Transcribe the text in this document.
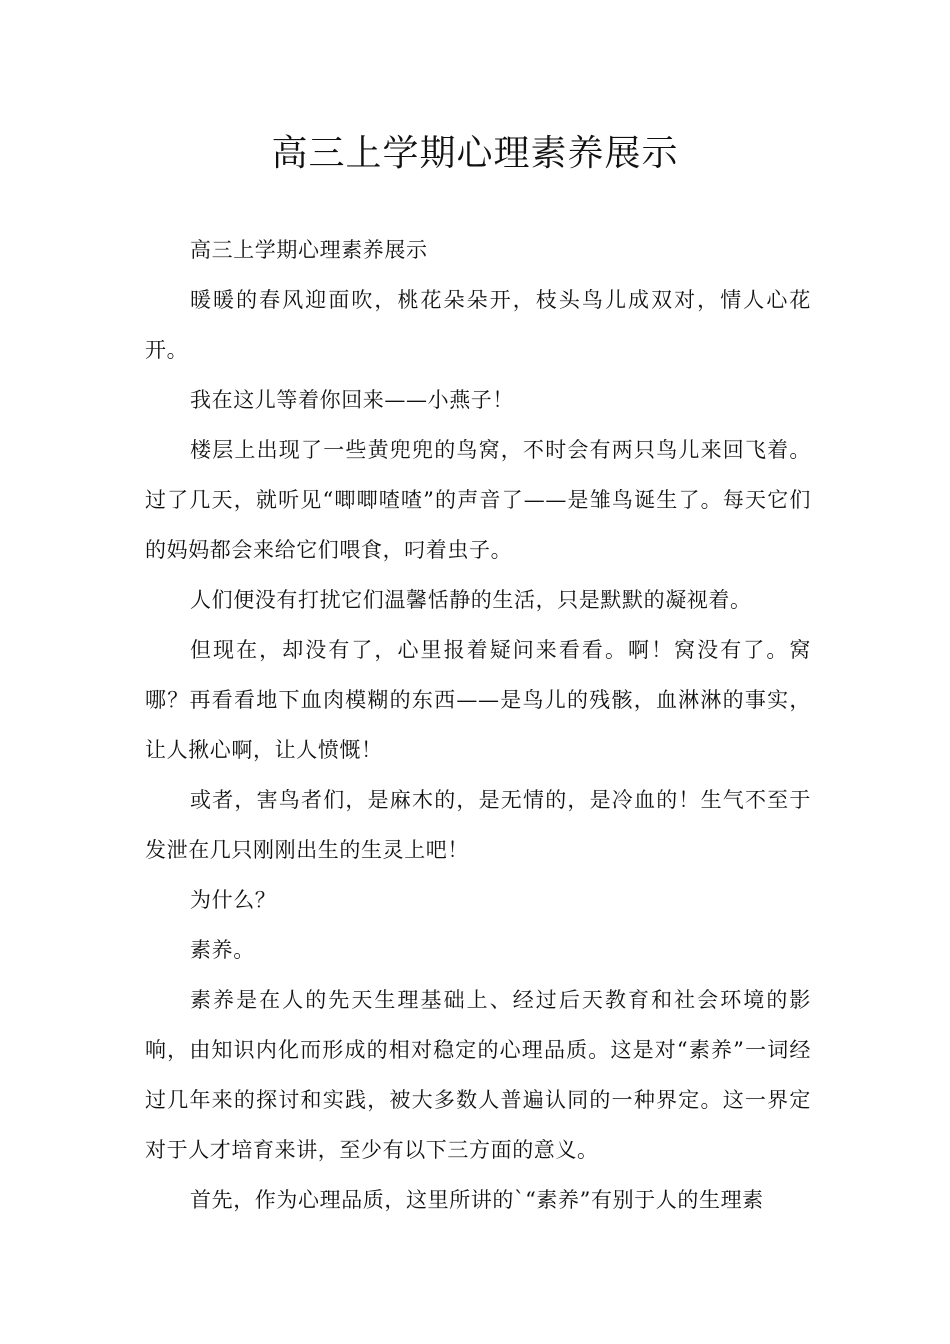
高三上学期心理素养展示

高三上学期心理素养展示

暖暖的春风迎面吹，桃花朵朵开，枝头鸟儿成双对，情人心花开。

我在这儿等着你回来——小燕子！

楼层上出现了一些黄兜兜的鸟窝，不时会有两只鸟儿来回飞着。过了几天，就听见“唧唧喳喳”的声音了——是雏鸟诞生了。每天它们的妈妈都会来给它们喂食，叼着虫子。

人们便没有打扰它们温馨恬静的生活，只是默默的凝视着。

但现在，却没有了，心里报着疑问来看看。啊！窝没有了。窝哪？再看看地下血肉模糊的东西——是鸟儿的残骸，血淋淋的事实，让人揪心啊，让人愤慨！

或者，害鸟者们，是麻木的，是无情的，是冷血的！生气不至于发泄在几只刚刚出生的生灵上吧！

为什么？

素养。

素养是在人的先天生理基础上、经过后天教育和社会环境的影响，由知识内化而形成的相对稳定的心理品质。这是对“素养”一词经过几年来的探讨和实践，被大多数人普遍认同的一种界定。这一界定对于人才培育来讲，至少有以下三方面的意义。

首先，作为心理品质，这里所讲的`“素养”有别于人的生理素
